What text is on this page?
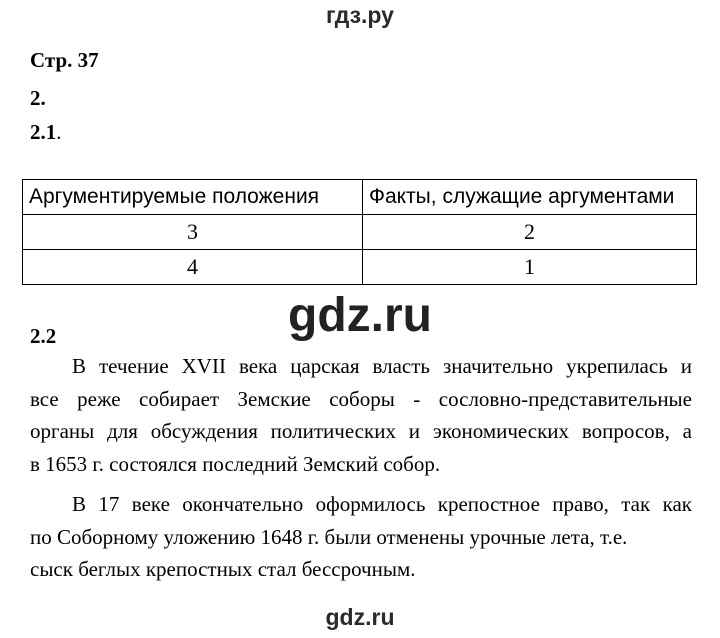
гдз.ру
Стр. 37
2.
2.1.
Аргументируемые положения	Факты, служащие аргументами
3	2
4	1
gdz.ru
2.2
В течение XVII века царская власть значительно укрепилась и
все реже собирает Земские соборы - сословно-представительные
органы для обсуждения политических и экономических вопросов, а
в 1653 г. состоялся последний Земский собор.
В 17 веке окончательно оформилось крепостное право, так как
по Соборному уложению 1648 г. были отменены урочные лета, т.е.
сыск беглых крепостных стал бессрочным.
gdz.ru
